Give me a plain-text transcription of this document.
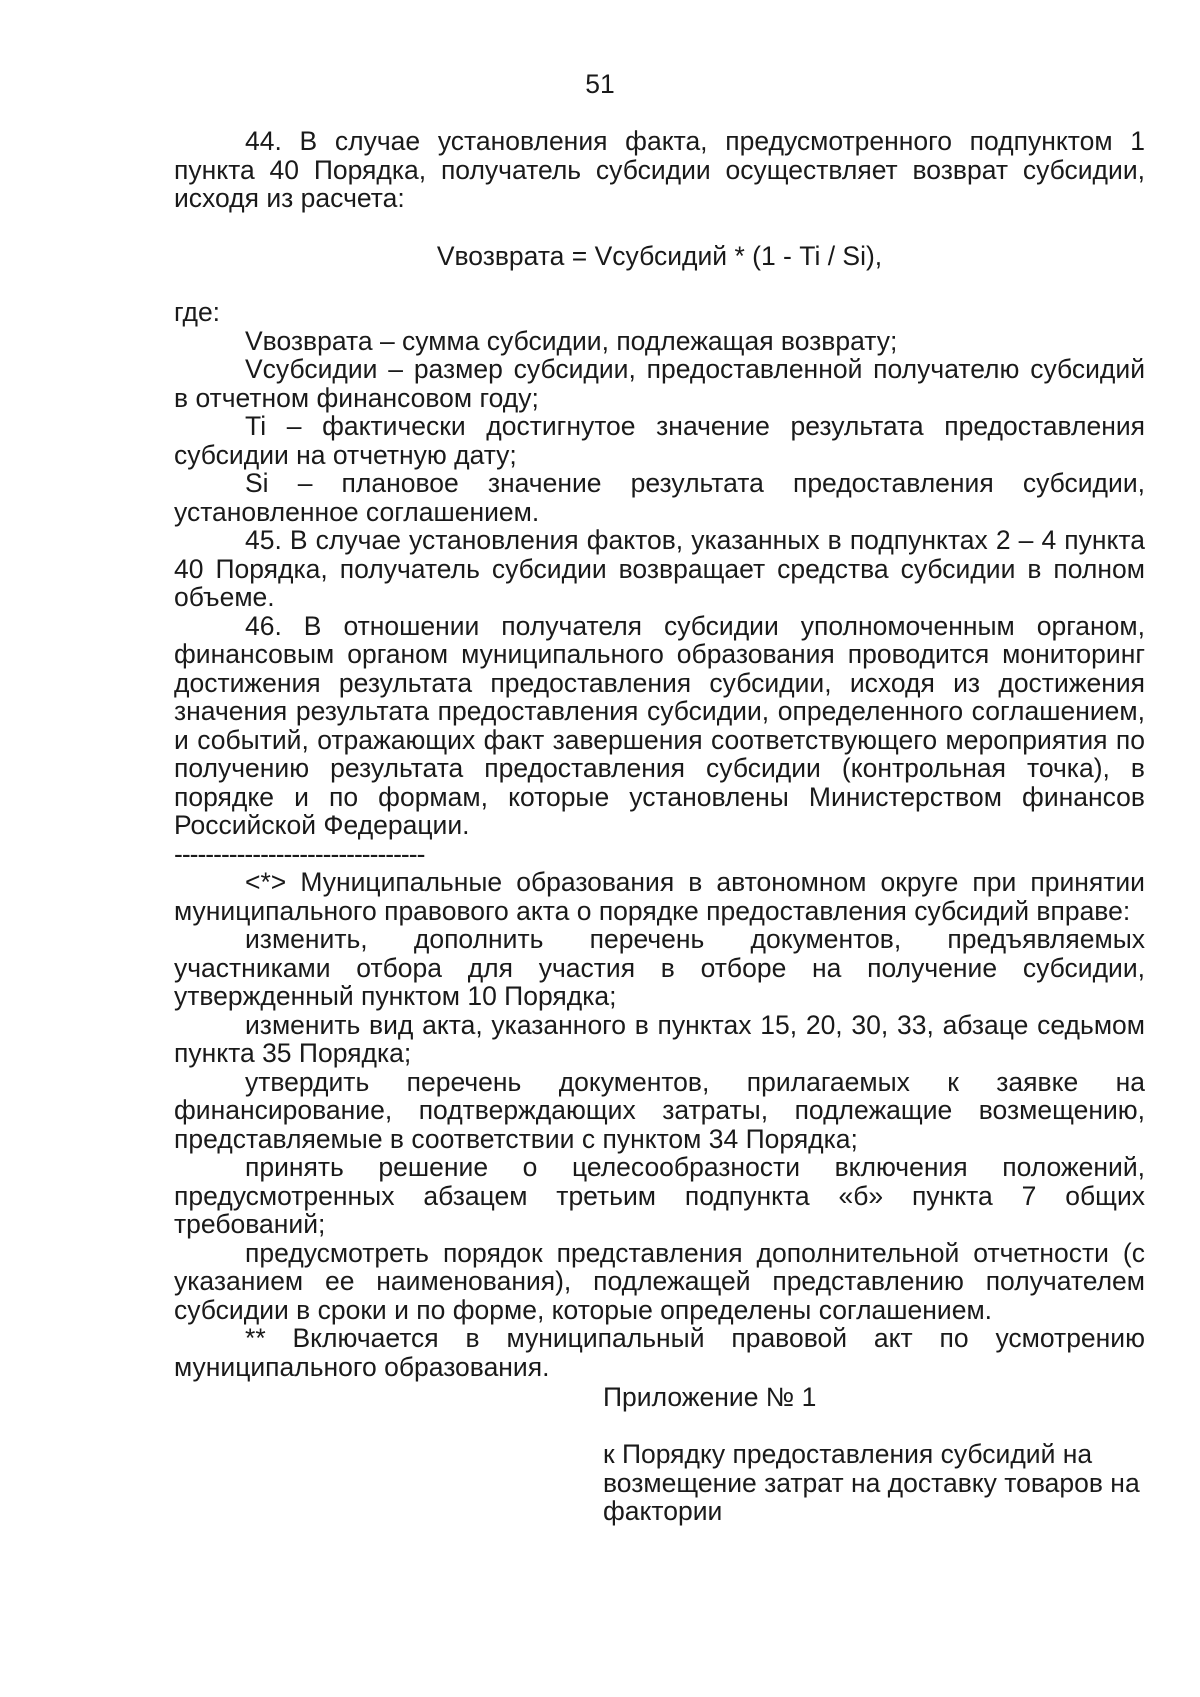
51

44. В случае установления факта, предусмотренного подпунктом 1 пункта 40 Порядка, получатель субсидии осуществляет возврат субсидии, исходя из расчета:

Vвозврата = Vсубсидий * (1 - Ti / Si),

где:

Vвозврата – сумма субсидии, подлежащая возврату;

Vсубсидии – размер субсидии, предоставленной получателю субсидий в отчетном финансовом году;

Ti – фактически достигнутое значение результата предоставления субсидии на отчетную дату;

Si – плановое значение результата предоставления субсидии, установленное соглашением.

45. В случае установления фактов, указанных в подпунктах 2 – 4 пункта 40 Порядка, получатель субсидии возвращает средства субсидии в полном объеме.

46. В отношении получателя субсидии уполномоченным органом, финансовым органом муниципального образования проводится мониторинг достижения результата предоставления субсидии, исходя из достижения значения результата предоставления субсидии, определенного соглашением, и событий, отражающих факт завершения соответствующего мероприятия по получению результата предоставления субсидии (контрольная точка), в порядке и по формам, которые установлены Министерством финансов Российской Федерации.

--------------------------------

<*> Муниципальные образования в автономном округе при принятии муниципального правового акта о порядке предоставления субсидий вправе:

изменить, дополнить перечень документов, предъявляемых участниками отбора для участия в отборе на получение субсидии, утвержденный пунктом 10 Порядка;

изменить вид акта, указанного в пунктах 15, 20, 30, 33, абзаце седьмом пункта 35 Порядка;

утвердить перечень документов, прилагаемых к заявке на финансирование, подтверждающих затраты, подлежащие возмещению, представляемые в соответствии с пунктом 34 Порядка;

принять решение о целесообразности включения положений, предусмотренных абзацем третьим подпункта «б» пункта 7 общих требований;

предусмотреть порядок представления дополнительной отчетности (с указанием ее наименования), подлежащей представлению получателем субсидии в сроки и по форме, которые определены соглашением.

** Включается в муниципальный правовой акт по усмотрению муниципального образования.

Приложение № 1
к Порядку предоставления субсидий на возмещение затрат на доставку товаров на фактории
